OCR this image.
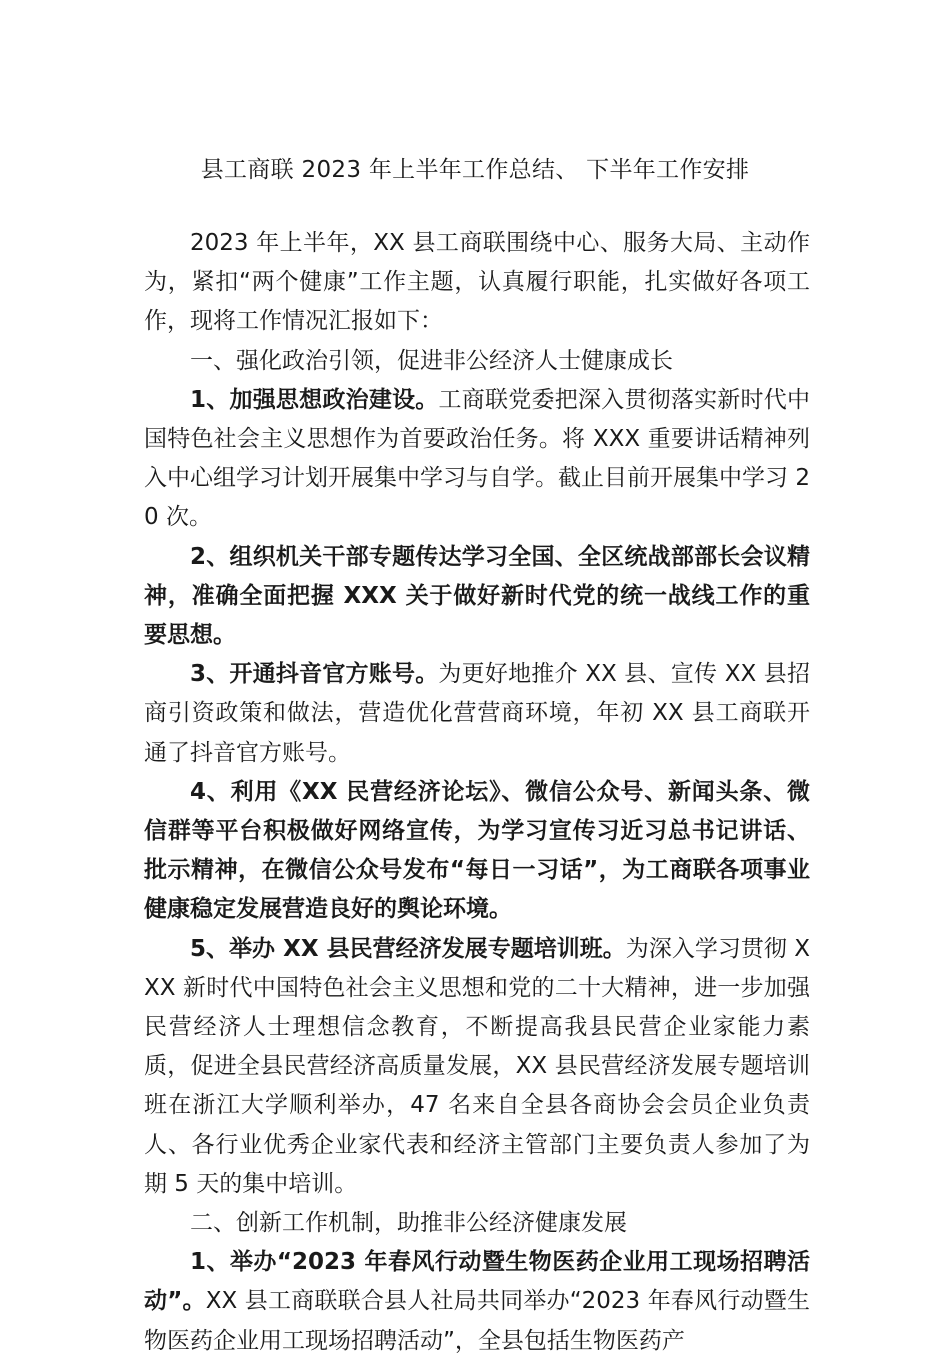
县工商联 2023 年上半年工作总结、 下半年工作安排

2023 年上半年，XX 县工商联围绕中心、服务大局、主动作为，紧扣“两个健康”工作主题，认真履行职能，扎实做好各项工作，现将工作情况汇报如下：

一、强化政治引领，促进非公经济人士健康成长

1、加强思想政治建设。工商联党委把深入贯彻落实新时代中国特色社会主义思想作为首要政治任务。将 XXX 重要讲话精神列入中心组学习计划开展集中学习与自学。截止目前开展集中学习 20 次。

2、组织机关干部专题传达学习全国、全区统战部部长会议精神，准确全面把握 XXX 关于做好新时代党的统一战线工作的重要思想。

3、开通抖音官方账号。为更好地推介 XX 县、宣传 XX 县招商引资政策和做法，营造优化营营商环境，年初 XX 县工商联开通了抖音官方账号。

4、利用《XX 民营经济论坛》、微信公众号、新闻头条、微信群等平台积极做好网络宣传，为学习宣传习近习总书记讲话、批示精神，在微信公众号发布“每日一习话”，为工商联各项事业健康稳定发展营造良好的舆论环境。

5、举办 XX 县民营经济发展专题培训班。为深入学习贯彻 XXX 新时代中国特色社会主义思想和党的二十大精神，进一步加强民营经济人士理想信念教育，不断提高我县民营企业家能力素质，促进全县民营经济高质量发展，XX 县民营经济发展专题培训班在浙江大学顺利举办，47 名来自全县各商协会会员企业负责人、各行业优秀企业家代表和经济主管部门主要负责人参加了为期 5 天的集中培训。

二、创新工作机制，助推非公经济健康发展

1、举办“2023 年春风行动暨生物医药企业用工现场招聘活动”。XX 县工商联联合县人社局共同举办“2023 年春风行动暨生物医药企业用工现场招聘活动”，全县包括生物医药产
